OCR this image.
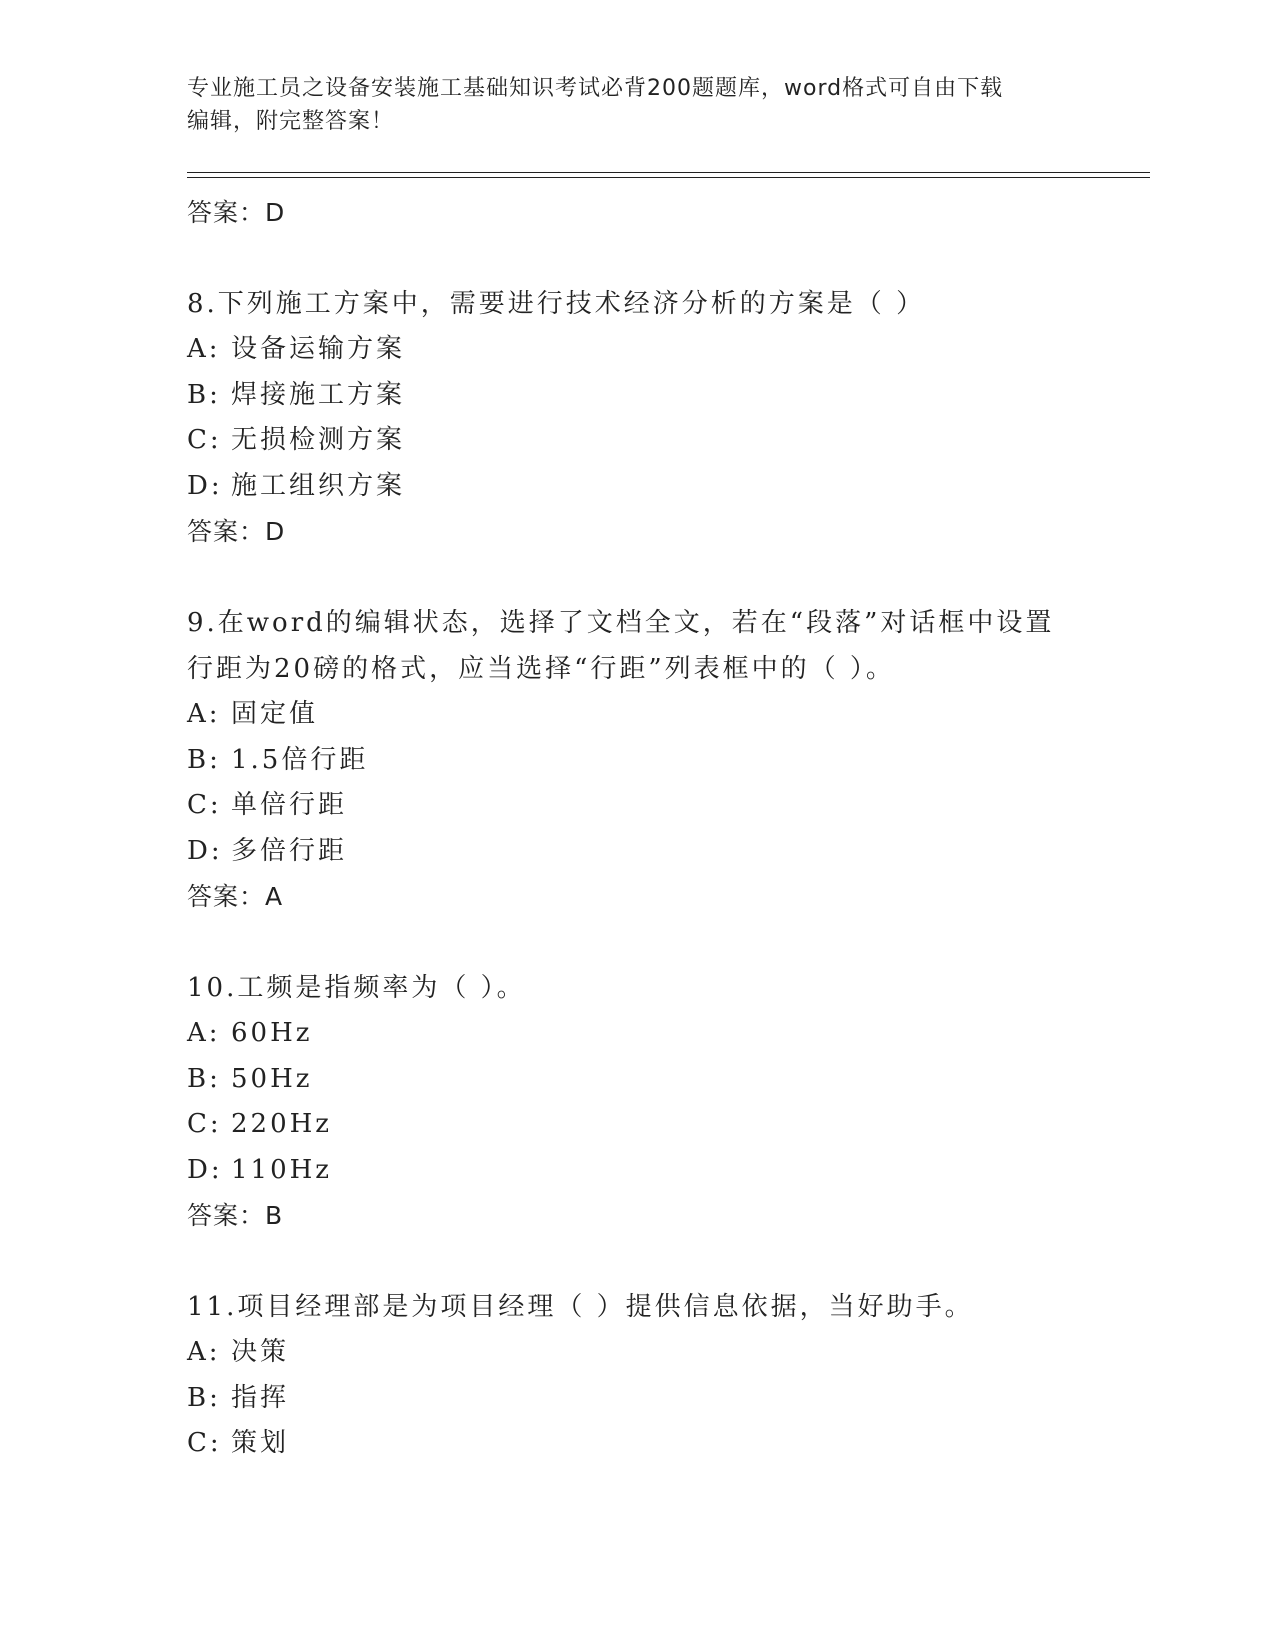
专业施工员之设备安装施工基础知识考试必背200题题库，word格式可自由下载
编辑，附完整答案！
答案：D
8.下列施工方案中，需要进行技术经济分析的方案是（ ）
A: 设备运输方案
B: 焊接施工方案
C: 无损检测方案
D: 施工组织方案
答案：D
9.在word的编辑状态，选择了文档全文，若在“段落”对话框中设置
行距为20磅的格式，应当选择“行距”列表框中的（ ）。
A: 固定值
B: 1.5倍行距
C: 单倍行距
D: 多倍行距
答案：A
10.工频是指频率为（ ）。
A: 60Hz
B: 50Hz
C: 220Hz
D: 110Hz
答案：B
11.项目经理部是为项目经理（ ）提供信息依据，当好助手。
A: 决策
B: 指挥
C: 策划
